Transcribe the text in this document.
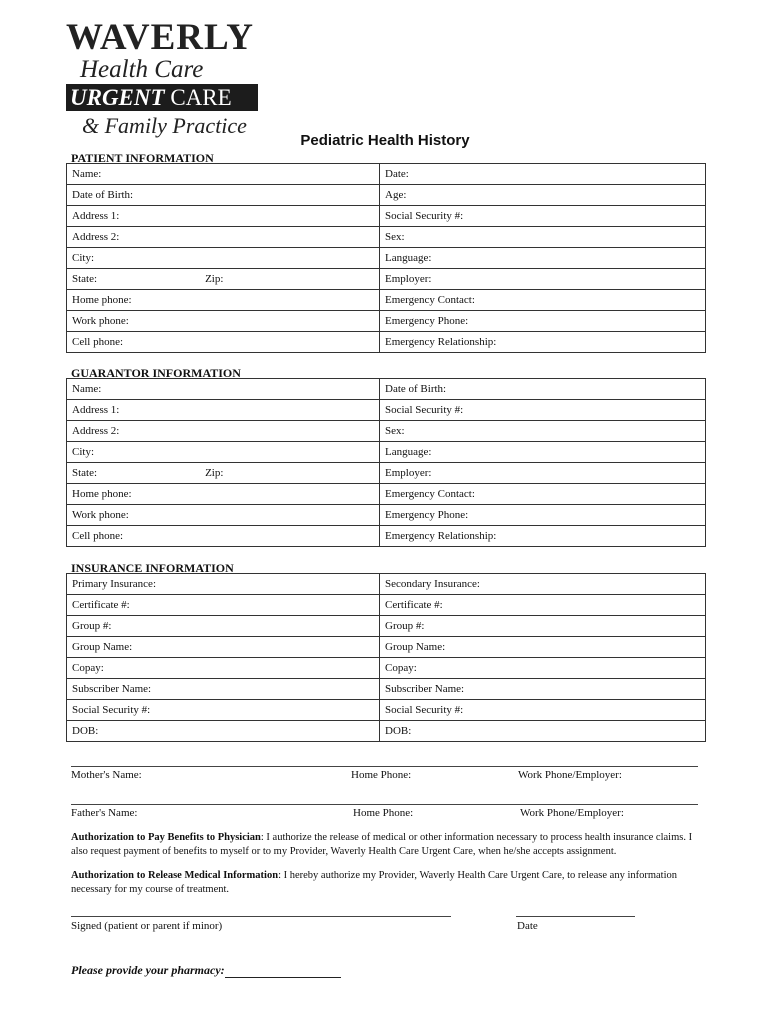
WAVERLY
Health Care
URGENT CARE
& Family Practice
Pediatric Health History
PATIENT INFORMATION
Name:	Date:
Date of Birth:	Age:
Address 1:	Social Security #:
Address 2:	Sex:
City:	Language:
State: Zip:	Employer:
Home phone:	Emergency Contact:
Work phone:	Emergency Phone:
Cell phone:	Emergency Relationship:
GUARANTOR INFORMATION
Name:	Date of Birth:
Address 1:	Social Security #:
Address 2:	Sex:
City:	Language:
State: Zip:	Employer:
Home phone:	Emergency Contact:
Work phone:	Emergency Phone:
Cell phone:	Emergency Relationship:
INSURANCE INFORMATION
Primary Insurance:	Secondary Insurance:
Certificate #:	Certificate #:
Group #:	Group #:
Group Name:	Group Name:
Copay:	Copay:
Subscriber Name:	Subscriber Name:
Social Security #:	Social Security #:
DOB:	DOB:
Mother's Name:	Home Phone:	Work Phone/Employer:
Father's Name:	Home Phone:	Work Phone/Employer:
Authorization to Pay Benefits to Physician: I authorize the release of medical or other information necessary to process health insurance claims. I also request payment of benefits to myself or to my Provider, Waverly Health Care Urgent Care, when he/she accepts assignment.
Authorization to Release Medical Information: I hereby authorize my Provider, Waverly Health Care Urgent Care, to release any information necessary for my course of treatment.
Signed (patient or parent if minor)	Date
Please provide your pharmacy:
